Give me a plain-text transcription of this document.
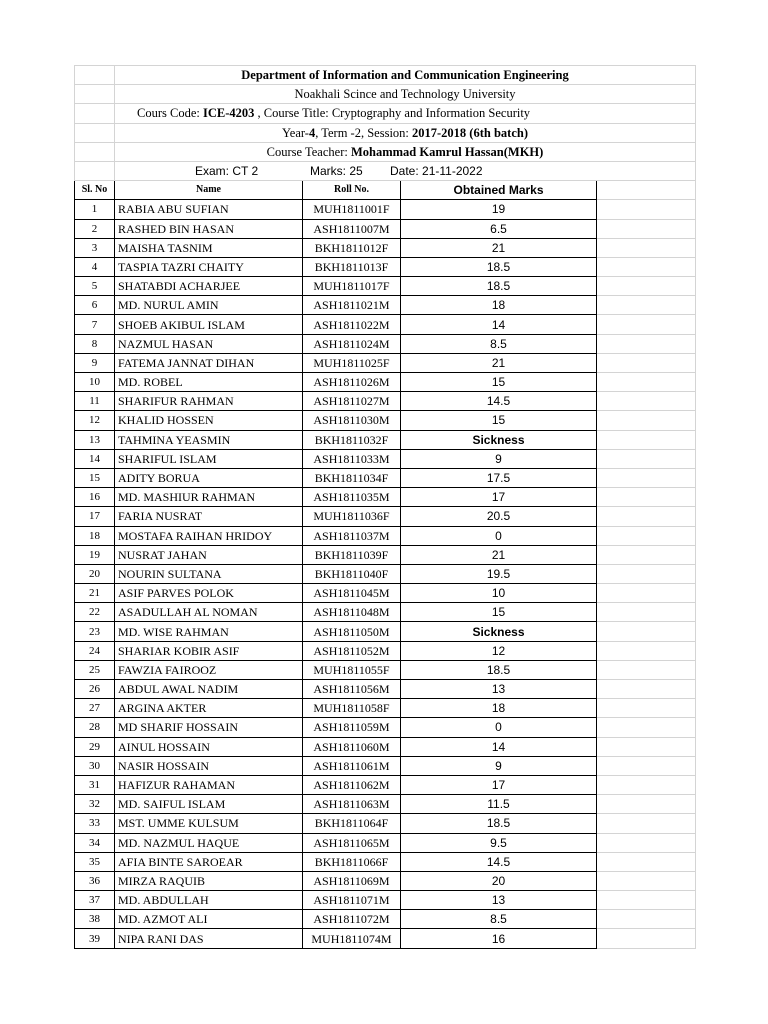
	Department of Information and Communication Engineering			
	Noakhali Scince and Technology University			
	Cours Code: ICE-4203 , Course Title: Cryptography and Information Security			
	Year-4, Term -2, Session: 2017-2018 (6th batch)			
	Course Teacher: Mohammad Kamrul Hassan(MKH)			
	Exam: CT 2 Marks: 25 Date: 21-11-2022			
Sl. No	Name	Roll No.	Obtained Marks	
1	RABIA ABU SUFIAN	MUH1811001F	19	
2	RASHED BIN HASAN	ASH1811007M	6.5	
3	MAISHA TASNIM	BKH1811012F	21	
4	TASPIA TAZRI CHAITY	BKH1811013F	18.5	
5	SHATABDI ACHARJEE	MUH1811017F	18.5	
6	MD. NURUL AMIN	ASH1811021M	18	
7	SHOEB AKIBUL ISLAM	ASH1811022M	14	
8	NAZMUL HASAN	ASH1811024M	8.5	
9	FATEMA JANNAT DIHAN	MUH1811025F	21	
10	MD. ROBEL	ASH1811026M	15	
11	SHARIFUR RAHMAN	ASH1811027M	14.5	
12	KHALID HOSSEN	ASH1811030M	15	
13	TAHMINA YEASMIN	BKH1811032F	Sickness	
14	SHARIFUL ISLAM	ASH1811033M	9	
15	ADITY BORUA	BKH1811034F	17.5	
16	MD. MASHIUR RAHMAN	ASH1811035M	17	
17	FARIA NUSRAT	MUH1811036F	20.5	
18	MOSTAFA RAIHAN HRIDOY	ASH1811037M	0	
19	NUSRAT JAHAN	BKH1811039F	21	
20	NOURIN SULTANA	BKH1811040F	19.5	
21	ASIF PARVES POLOK	ASH1811045M	10	
22	ASADULLAH AL NOMAN	ASH1811048M	15	
23	MD. WISE RAHMAN	ASH1811050M	Sickness	
24	SHARIAR KOBIR ASIF	ASH1811052M	12	
25	FAWZIA FAIROOZ	MUH1811055F	18.5	
26	ABDUL AWAL NADIM	ASH1811056M	13	
27	ARGINA AKTER	MUH1811058F	18	
28	MD SHARIF HOSSAIN	ASH1811059M	0	
29	AINUL HOSSAIN	ASH1811060M	14	
30	NASIR HOSSAIN	ASH1811061M	9	
31	HAFIZUR RAHAMAN	ASH1811062M	17	
32	MD. SAIFUL ISLAM	ASH1811063M	11.5	
33	MST. UMME KULSUM	BKH1811064F	18.5	
34	MD. NAZMUL HAQUE	ASH1811065M	9.5	
35	AFIA BINTE SAROEAR	BKH1811066F	14.5	
36	MIRZA RAQUIB	ASH1811069M	20	
37	MD. ABDULLAH	ASH1811071M	13	
38	MD. AZMOT ALI	ASH1811072M	8.5	
39	NIPA RANI DAS	MUH1811074M	16	
